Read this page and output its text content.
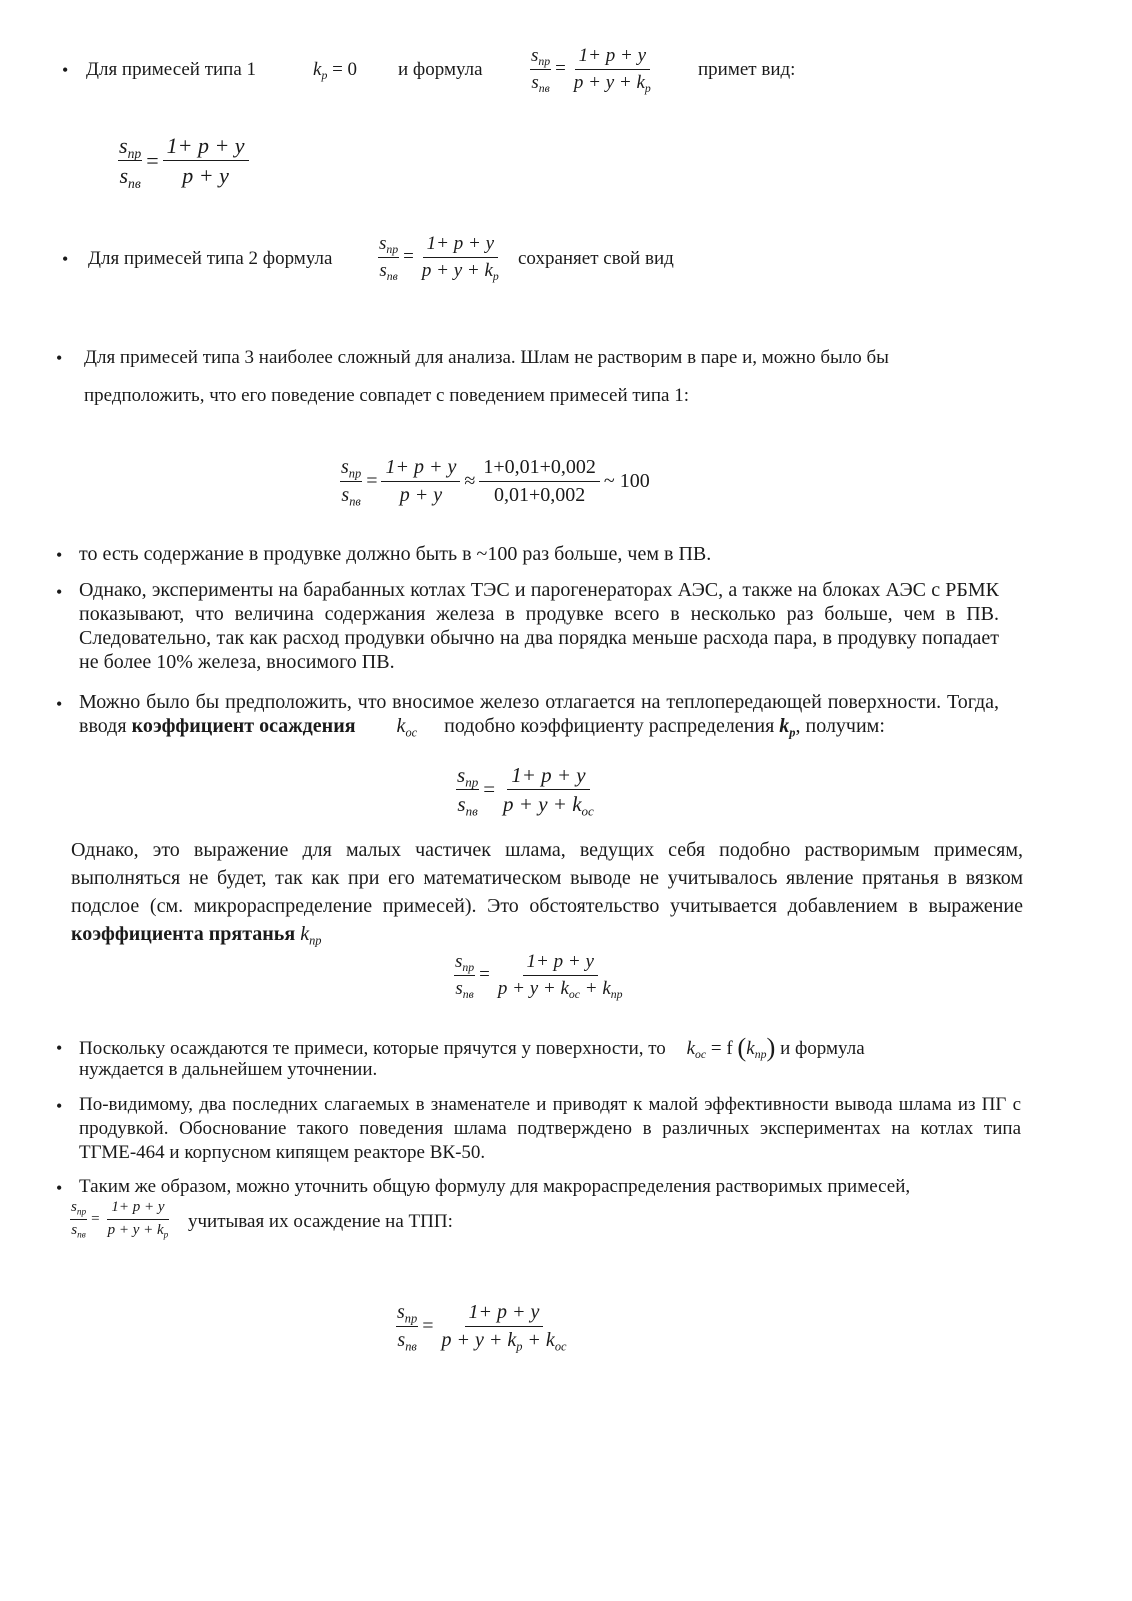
• Для примесей типа 1	$k_р = 0$ и формула $\frac{s_{пр}}{s_{пв}} = \frac{1+ p + y}{p + y + k_p}$ примет вид:
$\frac{s_{пр}}{s_{пв}} = \frac{1+ p + y}{p + y}$
• Для примесей типа 2 формула $\frac{s_{пр}}{s_{пв}} = \frac{1+ p + y}{p + y + k_p}$ сохраняет свой вид
• Для примесей типа 3 наиболее сложный для анализа. Шлам не растворим в паре и, можно было бы
предположить, что его поведение совпадет с поведением примесей типа 1:
$\frac{s_{пр}}{s_{пв}} = \frac{1+ p + y}{p + y} \approx \frac{1+0,01+0,002}{0,01+0,002}$ ~ 100
• то есть содержание в продувке должно быть в ~100 раз больше, чем в ПВ.
• Однако, эксперименты на барабанных котлах ТЭС и парогенераторах АЭС, а также на блоках АЭС с РБМК показывают, что величина содержания железа в продувке всего в несколько раз больше, чем в ПВ. Следовательно, так как расход продувки обычно на два порядка меньше расхода пара, в продувку попадает не более 10% железа, вносимого ПВ.
• Можно было бы предположить, что вносимое железо отлагается на теплопередающей поверхности. Тогда, вводя коэффициент осаждения $k_{ос}$ подобно коэффициенту распределения $k_p$, получим:
$\frac{s_{пр}}{s_{пв}} = \frac{1+ p + y}{p + y + k_{ос}}$
Однако, это выражение для малых частичек шлама, ведущих себя подобно растворимым примесям, выполняться не будет, так как при его математическом выводе не учитывалось явление прятанья в вязком подслое (см. микрораспределение примесей). Это обстоятельство учитывается добавлением в выражение коэффициента прятанья $k_{пр}$
$\frac{s_{пр}}{s_{пв}} = \frac{1+ p + y}{p + y + k_{ос} + k_{пр}}$
• Поскольку осаждаются те примеси, которые прячутся у поверхности, то $k_{ос} = f$ $(k_{пр})$ и формула
нуждается в дальнейшем уточнении.
• По-видимому, два последних слагаемых в знаменателе и приводят к малой эффективности вывода шлама из ПГ с продувкой. Обоснование такого поведения шлама подтверждено в различных экспериментах на котлах типа ТГМЕ-464 и корпусном кипящем реакторе ВК-50.
• Таким же образом, можно уточнить общую формулу для макрораспределения растворимых примесей,
$\frac{s_{пр}}{s_{пв}} = \frac{1+ p + y}{p + y + k_p}$ учитывая их осаждение на ТПП:
$\frac{s_{пр}}{s_{пв}} = \frac{1+ p + y}{p + y + k_p + k_{ос}}$
